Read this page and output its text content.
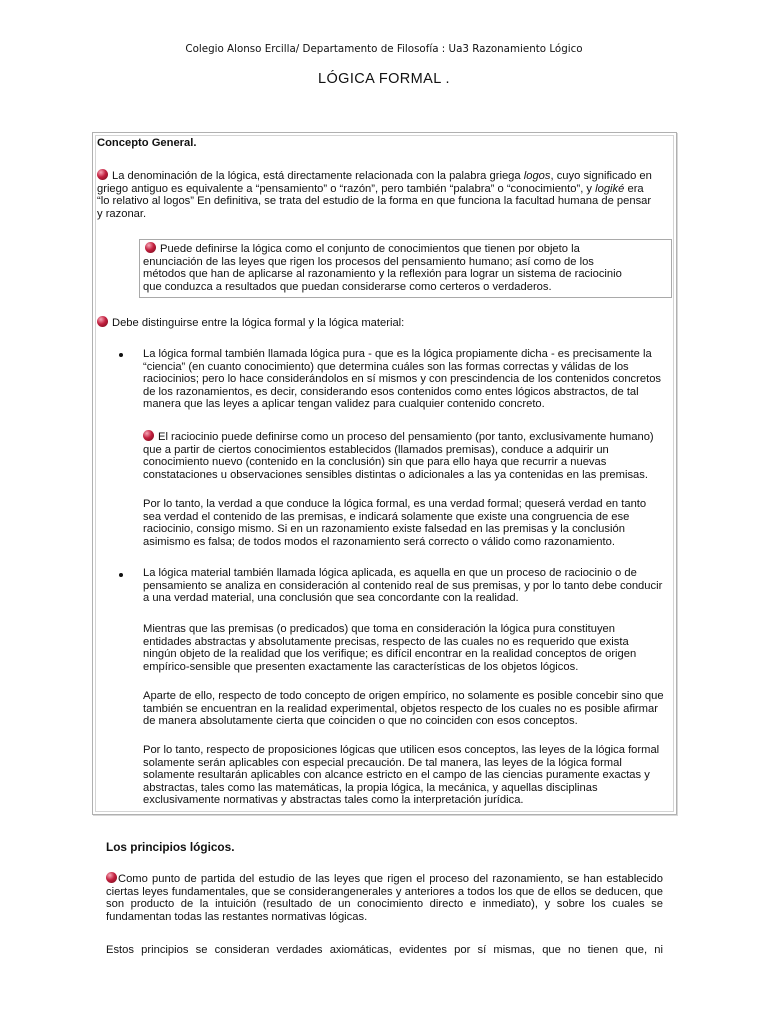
Colegio Alonso Ercilla/ Departamento de Filosofía : Ua3 Razonamiento Lógico
LÓGICA FORMAL .
Concepto General.
La denominación de la lógica, está directamente relacionada con la palabra griega logos, cuyo significado en griego antiguo es equivalente a “pensamiento” o “razón”, pero también “palabra” o “conocimiento”, y logiké era “lo relativo al logos” En definitiva, se trata del estudio de la forma en que funciona la facultad humana de pensar y razonar.
Puede definirse la lógica como el conjunto de conocimientos que tienen por objeto la enunciación de las leyes que rigen los procesos del pensamiento humano; así como de los métodos que han de aplicarse al razonamiento y la reflexión para lograr un sistema de raciocinio que conduzca a resultados que puedan considerarse como certeros o verdaderos.
Debe distinguirse entre la lógica formal y la lógica material:
La lógica formal también llamada lógica pura - que es la lógica propiamente dicha - es precisamente la “ciencia” (en cuanto conocimiento) que determina cuáles son las formas correctas y válidas de los raciocinios; pero lo hace considerándolos en sí mismos y con prescindencia de los contenidos concretos de los razonamientos, es decir, considerando esos contenidos como entes lógicos abstractos, de tal manera que las leyes a aplicar tengan validez para cualquier contenido concreto.
El raciocinio puede definirse como un proceso del pensamiento (por tanto, exclusivamente humano) que a partir de ciertos conocimientos establecidos (llamados premisas), conduce a adquirir un conocimiento nuevo (contenido en la conclusión) sin que para ello haya que recurrir a nuevas constataciones u observaciones sensibles distintas o adicionales a las ya contenidas en las premisas.
Por lo tanto, la verdad a que conduce la lógica formal, es una verdad formal; queserá verdad en tanto sea verdad el contenido de las premisas, e indicará solamente que existe una congruencia de ese raciocinio, consigo mismo. Si en un razonamiento existe falsedad en las premisas y la conclusión asimismo es falsa; de todos modos el razonamiento será correcto o válido como razonamiento.
La lógica material también llamada lógica aplicada, es aquella en que un proceso de raciocinio o de pensamiento se analiza en consideración al contenido real de sus premisas, y por lo tanto debe conducir a una verdad material, una conclusión que sea concordante con la realidad.
Mientras que las premisas (o predicados) que toma en consideración la lógica pura constituyen entidades abstractas y absolutamente precisas, respecto de las cuales no es requerido que exista ningún objeto de la realidad que los verifique; es difícil encontrar en la realidad conceptos de origen empírico-sensible que presenten exactamente las características de los objetos lógicos.
Aparte de ello, respecto de todo concepto de origen empírico, no solamente es posible concebir sino que también se encuentran en la realidad experimental, objetos respecto de los cuales no es posible afirmar de manera absolutamente cierta que coinciden o que no coinciden con esos conceptos.
Por lo tanto, respecto de proposiciones lógicas que utilicen esos conceptos, las leyes de la lógica formal solamente serán aplicables con especial precaución. De tal manera, las leyes de la lógica formal solamente resultarán aplicables con alcance estricto en el campo de las ciencias puramente exactas y abstractas, tales como las matemáticas, la propia lógica, la mecánica, y aquellas disciplinas exclusivamente normativas y abstractas tales como la interpretación jurídica.
Los principios lógicos.
Como punto de partida del estudio de las leyes que rigen el proceso del razonamiento, se han establecido ciertas leyes fundamentales, que se considerangenerales y anteriores a todos los que de ellos se deducen, que son producto de la intuición (resultado de un conocimiento directo e inmediato), y sobre los cuales se fundamentan todas las restantes normativas lógicas.
Estos principios se consideran verdades axiomáticas, evidentes por sí mismas, que no tienen que, ni
